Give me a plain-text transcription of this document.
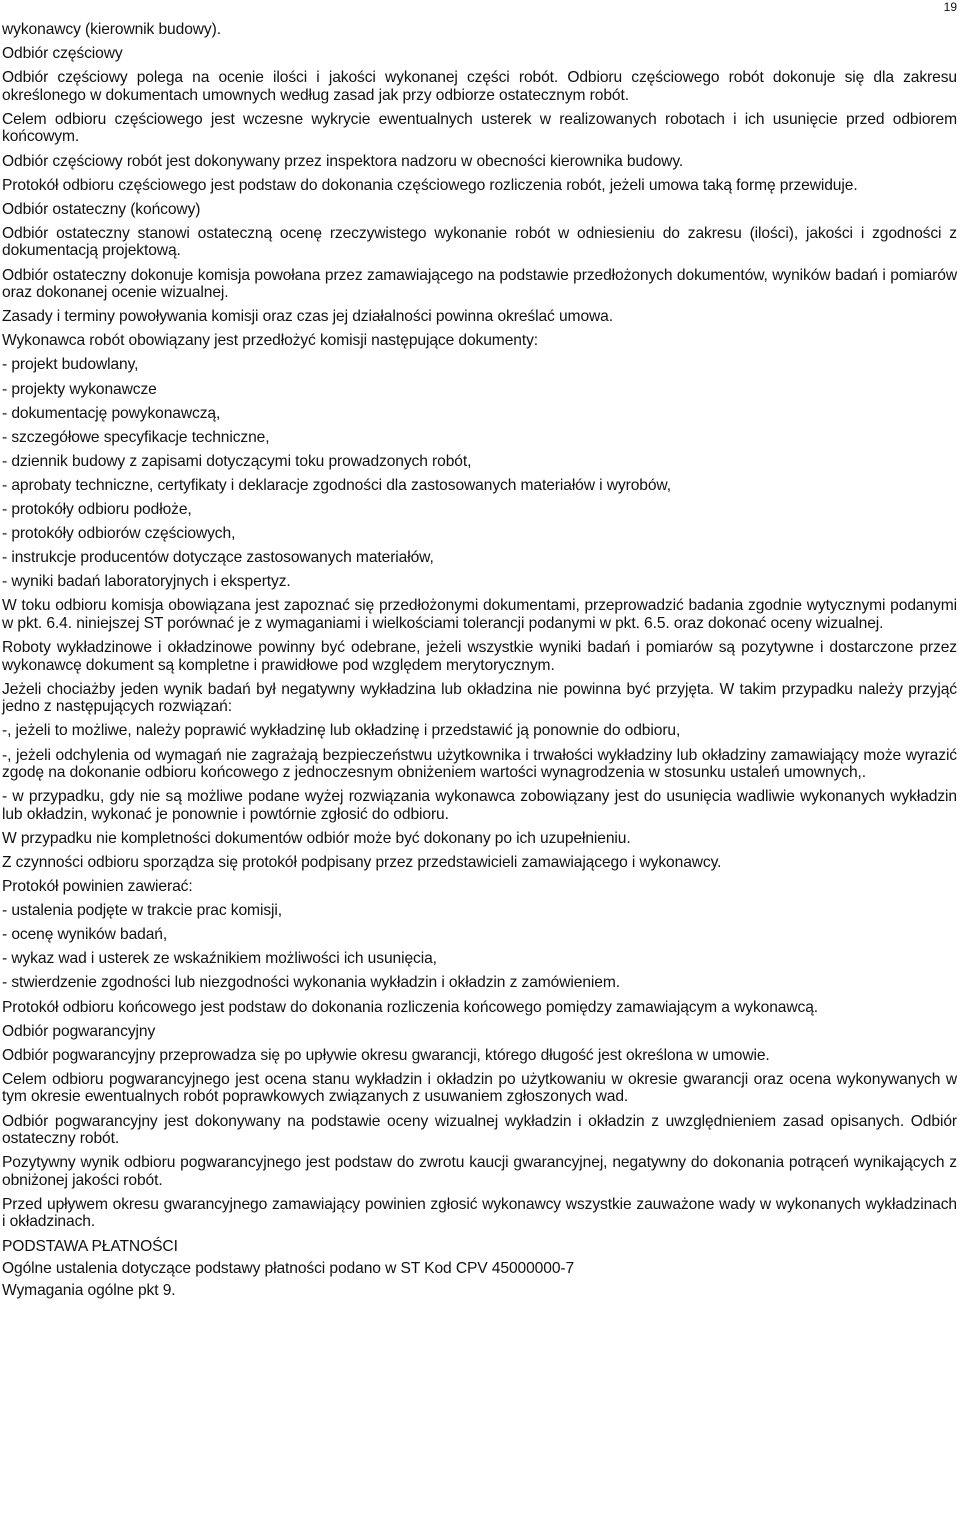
19

wykonawcy (kierownik budowy).

Odbiór częściowy

Odbiór częściowy polega na ocenie ilości i jakości wykonanej części robót. Odbioru częściowego robót dokonuje się dla zakresu określonego w dokumentach umownych według zasad jak przy odbiorze ostatecznym robót.

Celem odbioru częściowego jest wczesne wykrycie ewentualnych usterek w realizowanych robotach i ich usunięcie przed odbiorem końcowym.

Odbiór częściowy robót jest dokonywany przez inspektora nadzoru w obecności kierownika budowy.

Protokół odbioru częściowego jest podstaw do dokonania częściowego rozliczenia robót, jeżeli umowa taką formę przewiduje.

Odbiór ostateczny (końcowy)

Odbiór ostateczny stanowi ostateczną ocenę rzeczywistego wykonanie robót w odniesieniu do zakresu (ilości), jakości i zgodności z dokumentacją projektową.

Odbiór ostateczny dokonuje komisja powołana przez zamawiającego na podstawie przedłożonych dokumentów, wyników badań i pomiarów oraz dokonanej ocenie wizualnej.

Zasady i terminy powoływania komisji oraz czas jej działalności powinna określać umowa.

Wykonawca robót obowiązany jest przedłożyć komisji następujące dokumenty:

- projekt budowlany,

- projekty wykonawcze

- dokumentację powykonawczą,

- szczegółowe specyfikacje techniczne,

- dziennik budowy z zapisami dotyczącymi toku prowadzonych robót,

- aprobaty techniczne, certyfikaty i deklaracje zgodności dla zastosowanych materiałów i wyrobów,

- protokóły odbioru podłoże,

- protokóły odbiorów częściowych,

- instrukcje producentów dotyczące zastosowanych materiałów,

- wyniki badań laboratoryjnych i ekspertyz.

W toku odbioru komisja obowiązana jest zapoznać się przedłożonymi dokumentami, przeprowadzić badania zgodnie wytycznymi podanymi w pkt. 6.4. niniejszej ST porównać je z wymaganiami i wielkościami tolerancji podanymi w pkt. 6.5. oraz dokonać oceny wizualnej.

Roboty wykładzinowe i okładzinowe powinny być odebrane, jeżeli wszystkie wyniki badań i pomiarów są pozytywne i dostarczone przez wykonawcę dokument są kompletne i prawidłowe pod względem merytorycznym.

Jeżeli chociażby jeden wynik badań był negatywny wykładzina lub okładzina nie powinna być przyjęta. W takim przypadku należy przyjąć jedno z następujących rozwiązań:

-, jeżeli to możliwe, należy poprawić wykładzinę lub okładzinę i przedstawić ją ponownie do odbioru,

-, jeżeli odchylenia od wymagań nie zagrażają bezpieczeństwu użytkownika i trwałości wykładziny lub okładziny zamawiający może wyrazić zgodę na dokonanie odbioru końcowego z jednoczesnym obniżeniem wartości wynagrodzenia w stosunku ustaleń umownych,.

- w przypadku, gdy nie są możliwe podane wyżej rozwiązania wykonawca zobowiązany jest do usunięcia wadliwie wykonanych wykładzin lub okładzin, wykonać je ponownie i powtórnie zgłosić do odbioru.

W przypadku nie kompletności dokumentów odbiór może być dokonany po ich uzupełnieniu.

Z czynności odbioru sporządza się protokół podpisany przez przedstawicieli zamawiającego i wykonawcy.

Protokół powinien zawierać:

- ustalenia podjęte w trakcie prac komisji,

- ocenę wyników badań,

- wykaz wad i usterek ze wskaźnikiem możliwości ich usunięcia,

- stwierdzenie zgodności lub niezgodności wykonania wykładzin i okładzin z zamówieniem.

Protokół odbioru końcowego jest podstaw do dokonania rozliczenia końcowego pomiędzy zamawiającym a wykonawcą.

Odbiór pogwarancyjny

Odbiór pogwarancyjny przeprowadza się po upływie okresu gwarancji, którego długość jest określona w umowie.

Celem odbioru pogwarancyjnego jest ocena stanu wykładzin i okładzin po użytkowaniu w okresie gwarancji oraz ocena wykonywanych w tym okresie ewentualnych robót poprawkowych związanych z usuwaniem zgłoszonych wad.

Odbiór pogwarancyjny jest dokonywany na podstawie oceny wizualnej wykładzin i okładzin z uwzględnieniem zasad opisanych. Odbiór ostateczny robót.

Pozytywny wynik odbioru pogwarancyjnego jest podstaw do zwrotu kaucji gwarancyjnej, negatywny do dokonania potrąceń wynikających z obniżonej jakości robót.

Przed upływem okresu gwarancyjnego zamawiający powinien zgłosić wykonawcy wszystkie zauważone wady w wykonanych wykładzinach i okładzinach.

PODSTAWA PŁATNOŚCI

Ogólne ustalenia dotyczące podstawy płatności podano w ST Kod CPV 45000000-7

Wymagania ogólne pkt 9.
